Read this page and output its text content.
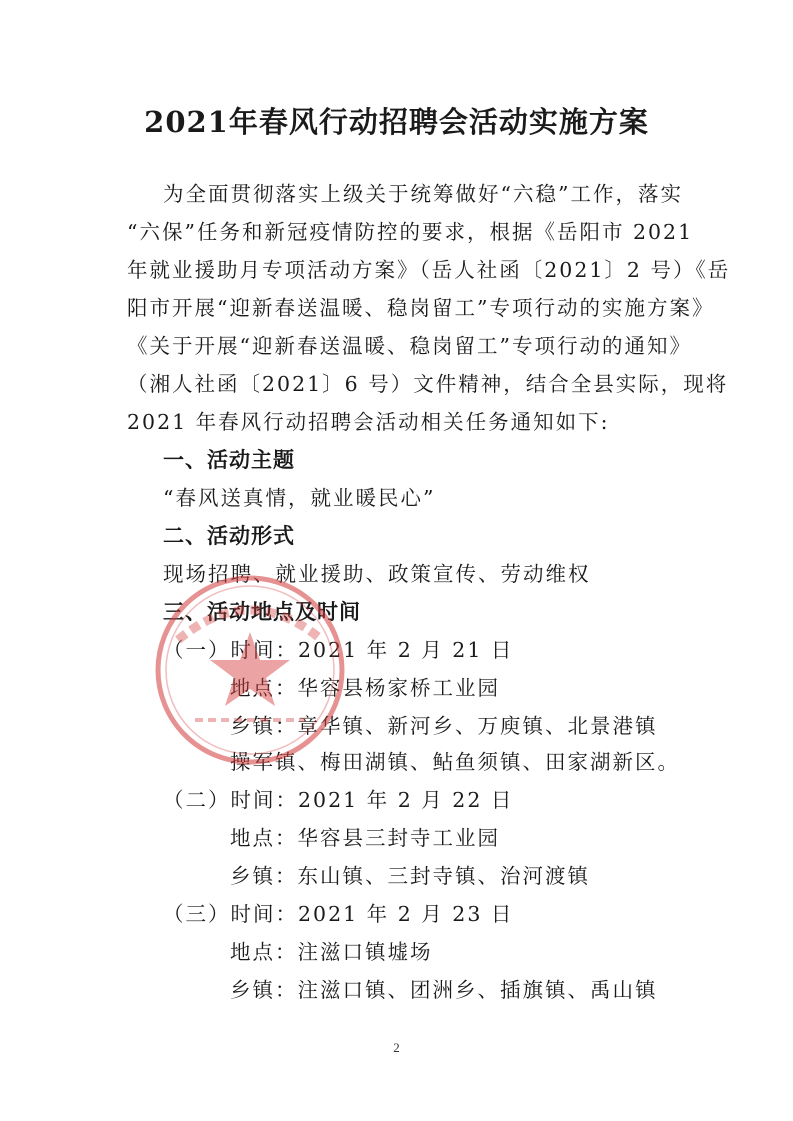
2021年春风行动招聘会活动实施方案
为全面贯彻落实上级关于统筹做好“六稳”工作，落实
“六保”任务和新冠疫情防控的要求，根据《岳阳市 2021
年就业援助月专项活动方案》（岳人社函〔2021〕2 号）《岳
阳市开展“迎新春送温暖、稳岗留工”专项行动的实施方案》
《关于开展“迎新春送温暖、稳岗留工”专项行动的通知》
（湘人社函〔2021〕6 号）文件精神，结合全县实际，现将
2021 年春风行动招聘会活动相关任务通知如下:
一、活动主题
“春风送真情，就业暖民心”
二、活动形式
现场招聘、就业援助、政策宣传、劳动维权
三、活动地点及时间
（一）时间：2021 年 2 月 21 日
地点：华容县杨家桥工业园
乡镇：章华镇、新河乡、万庾镇、北景港镇
操军镇、梅田湖镇、鲇鱼须镇、田家湖新区。
（二）时间：2021 年 2 月 22 日
地点：华容县三封寺工业园
乡镇：东山镇、三封寺镇、治河渡镇
（三）时间：2021 年 2 月 23 日
地点：注滋口镇墟场
乡镇：注滋口镇、团洲乡、插旗镇、禹山镇
2
